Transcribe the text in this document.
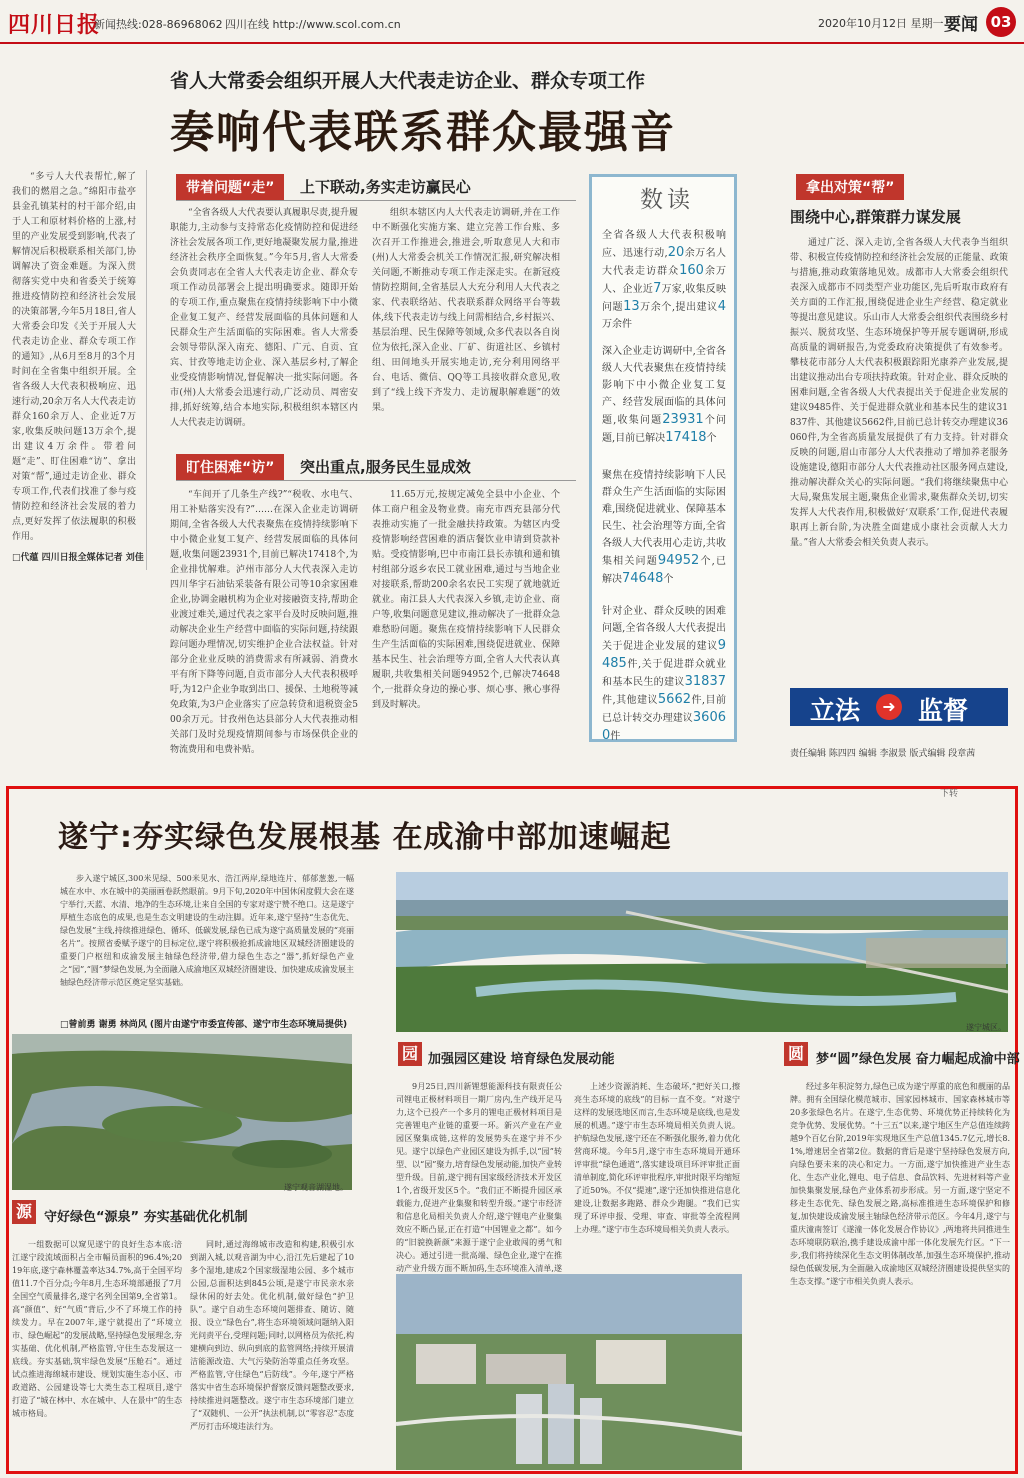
四川日报
新闻热线:028-86968062 四川在线 http://www.scol.com.cn	2020年10月12日 星期一 要闻 03
省人大常委会组织开展人大代表走访企业、群众专项工作
奏响代表联系群众最强音

“多亏人大代表帮忙,解了我们的燃眉之急。”绵阳市盐亭县金孔镇某村的村干部介绍,由于人工和原材料价格的上涨,村里的产业发展受到影响,代表了解情况后积极联系相关部门,协调解决了资金难题。为深入贯彻落实党中央和省委关于统筹推进疫情防控和经济社会发展的决策部署,今年5月18日,省人大常委会印发《关于开展人大代表走访企业、群众专项工作的通知》,从6月至8月的3个月时间在全省集中组织开展。全省各级人大代表积极响应、迅速行动,20余万名人大代表走访群众160余万人、企业近7万家,收集反映问题13万余个,提出建议4万余件。带着问题“走”、盯住困难“访”、拿出对策“帮”,通过走访企业、群众专项工作,代表们找准了参与疫情防控和经济社会发展的着力点,更好发挥了依法履职的积极作用。

□代蕴 四川日报全媒体记者 刘佳
带着问题“走”	上下联动,务实走访赢民心

“全省各级人大代表要认真履职尽责,提升履职能力,主动参与支持常态化疫情防控和促进经济社会发展各项工作,更好地凝聚发展力量,推进经济社会秩序全面恢复。”今年5月,省人大常委会负责同志在全省人大代表走访企业、群众专项工作动员部署会上提出明确要求。随即开始的专项工作,重点聚焦在疫情持续影响下中小微企业复工复产、经营发展面临的具体问题和人民群众生产生活面临的实际困难。省人大常委会领导带队深入南充、德阳、广元、自贡、宜宾、甘孜等地走访企业、深入基层乡村,了解企业受疫情影响情况,督促解决一批实际问题。各市(州)人大常委会迅速行动,广泛动员、周密安排,抓好统筹,结合本地实际,积极组织本辖区内人大代表走访调研。

组织本辖区内人大代表走访调研,并在工作中不断强化实施方案、建立完善工作台账、多次召开工作推进会,推进会,听取意见人大和市(州)人大常委会机关工作情况汇报,研究解决相关问题,不断推动专项工作走深走实。在新冠疫情防控期间,全省基层人大充分利用人大代表之家、代表联络站、代表联系群众网络平台等载体,线下代表走访与线上问需相结合,乡村振兴、基层治理、民生保障等领域,众多代表以各自岗位为依托,深入企业、厂矿、街道社区、乡镇村组、田间地头开展实地走访,充分利用网络平台、电话、微信、QQ等工具接收群众意见,收到了“线上线下齐发力、走访履职解难题”的效果。

盯住困难“访”	突出重点,服务民生显成效

“车间开了几条生产线?”“税收、水电气、用工补贴落实没有?”……在深入企业走访调研期间,全省各级人大代表聚焦在疫情持续影响下中小微企业复工复产、经营发展面临的具体问题,收集问题23931个,目前已解决17418个,为企业排忧解难。泸州市部分人大代表深入走访四川华宇石油钻采装备有限公司等10余家困难企业,协调金融机构为企业对接融资支持,帮助企业渡过难关,通过代表之家平台及时反映问题,推动解决企业生产经营中面临的实际问题,持续跟踪问题办理情况,切实维护企业合法权益。针对部分企业业反映的消费需求有所减弱、消费水平有所下降等问题,自贡市部分人大代表积极呼吁,为12户企业争取到出口、援保、土地税等减免政策,为3户企业落实了应急转贷和退税资金500余万元。甘孜州色达县部分人大代表推动相关部门及时兑现疫情期间参与市场保供企业的物流费用和电费补贴。

11.65万元,按规定减免全县中小企业、个体工商户租金及物业费。南充市西充县部分代表推动实施了一批金融扶持政策。为辖区内受疫情影响经营困难的酒店餐饮业申请到贷款补贴。受疫情影响,巴中市南江县长赤镇和通和镇村组部分返乡农民工就业困难,通过与当地企业对接联系,帮助200余名农民工实现了就地就近就业。南江县人大代表深入乡镇,走访企业、商户等,收集问题意见建议,推动解决了一批群众急难愁盼问题。聚焦在疫情持续影响下人民群众生产生活面临的实际困难,围绕促进就业、保障基本民生、社会治理等方面,全省人大代表认真履职,共收集相关问题94952个,已解决74648个,一批群众身边的操心事、烦心事、揪心事得到及时解决。

数读
全省各级人大代表积极响应、迅速行动,20余万名人大代表走访群众160余万人、企业近7万家,收集反映问题13万余个,提出建议4万余件
深入企业走访调研中,全省各级人大代表聚焦在疫情持续影响下中小微企业复工复产、经营发展面临的具体问题,收集问题23931个问题,目前已解决17418个
聚焦在疫情持续影响下人民群众生产生活面临的实际困难,围绕促进就业、保障基本民生、社会治理等方面,全省各级人大代表用心走访,共收集相关问题94952个,已解决74648个
针对企业、群众反映的困难问题,全省各级人大代表提出关于促进企业发展的建议9485件,关于促进群众就业和基本民生的建议31837件,其他建议5662件,目前已总计转交办理建议36060件
拿出对策“帮”
围绕中心,群策群力谋发展

通过广泛、深入走访,全省各级人大代表争当组织带、积极宣传疫情防控和经济社会发展的正能量、政策与措施,推动政策落地见效。成都市人大常委会组织代表深入成都市不同类型产业功能区,先后听取市政府有关方面的工作汇报,围绕促进企业生产经营、稳定就业等提出意见建议。乐山市人大常委会组织代表围绕乡村振兴、脱贫攻坚、生态环境保护等开展专题调研,形成高质量的调研报告,为党委政府决策提供了有效参考。攀枝花市部分人大代表积极跟踪阳光康养产业发展,提出建议推动出台专项扶持政策。针对企业、群众反映的困难问题,全省各级人大代表提出关于促进企业发展的建议9485件、关于促进群众就业和基本民生的建议31837件、其他建议5662件,目前已总计转交办理建议36060件,为全省高质量发展提供了有力支持。针对群众反映的问题,眉山市部分人大代表推动了增加养老服务设施建设,德阳市部分人大代表推动社区服务网点建设,推动解决群众关心的实际问题。“我们将继续聚焦中心大局,聚焦发展主题,聚焦企业需求,聚焦群众关切,切实发挥人大代表作用,积极做好‘双联系’工作,促进代表履职再上新台阶,为决胜全面建成小康社会贡献人大力量。”省人大常委会相关负责人表示。

立法	➜ 监督
责任编辑 陈四四 编辑 李淑景 版式编辑 段章茜
下转
遂宁:夯实绿色发展根基 在成渝中部加速崛起

步入遂宁城区,300米见绿、500米见水、浩江两岸,绿地连片、郁郁葱葱,一幅城在水中、水在城中的美丽画卷跃然眼前。9月下旬,2020年中国休闲度假大会在遂宁举行,天蓝、水清、地净的生态环境,让来自全国的专家对遂宁赞不绝口。这是遂宁厚植生态底色的成果,也是生态文明建设的生动注脚。近年来,遂宁坚持“生态优先、绿色发展”主线,持续推进绿色、循环、低碳发展,绿色已成为遂宁高质量发展的“亮丽名片”。按照省委赋予遂宁的目标定位,遂宁将积极抢抓成渝地区双城经济圈建设的重要门户枢纽和成渝发展主轴绿色经济带,借力绿色生态之“器”,抓好绿色产业之“园”,“圆”梦绿色发展,为全面融入成渝地区双城经济圈建设、加快建成成渝发展主轴绿色经济带示范区奠定坚实基础。

□曾前勇 谢勇 林尚风 (图片由遂宁市委宣传部、遂宁市生态环境局提供)	遂宁城区。
遂宁观音湖湿地。
源 守好绿色“源泉” 夯实基础优化机制

一组数据可以窥见遂宁的良好生态本底:涪江遂宁段流域面积占全市幅员面积的96.4%;2019年底,遂宁森林覆盖率达34.7%,高于全国平均值11.7个百分点;今年8月,生态环境部通报了7月全国空气质量排名,遂宁名列全国第9,全省第1。高“颜值”、好“气质”背后,少不了环境工作的持续发力。早在2007年,遂宁就提出了“环境立市、绿色崛起”的发展战略,坚持绿色发展理念,夯实基础、优化机制,严格监管,守住生态发展这一底线。夯实基础,筑牢绿色发展“压舱石”。通过试点推进海绵城市建设、规划实施生态小区、市政道路、公园建设等七大类生态工程项目,遂宁打造了“城在林中、水在城中、人在景中”的生态城市格局。

同时,通过海绵城市改造和构建,积极引水到湖入城,以观音湖为中心,沿江先后建起了10多个湿地,建成2个国家级湿地公园、多个城市公园,总面积达到845公顷,是遂宁市民亲水亲绿休闲的好去处。优化机制,做好绿色“护卫队”。遂宁自动生态环境问题排查、随访、随报、设立“绿色台”,将生态环境领域问题纳入阳光问责平台,受理问题;同时,以网格员为依托,构建横向到边、纵向到底的监管网络;持续开展清洁能源改造、大气污染防治等重点任务攻坚。严格监管,守住绿色“后防线”。今年,遂宁严格落实中省生态环境保护督察反馈问题整改要求,持续推进问题整改。遂宁市生态环境部门建立了“双随机、一公开”执法机制,以“零容忍”态度严厉打击环境违法行为。

园 加强园区建设 培育绿色发展动能

9月25日,四川新锂想能源科技有限责任公司锂电正极材料项目一期厂房内,生产线开足马力,这个已投产一个多月的锂电正极材料项目是完善锂电产业链的重要一环。新兴产业在产业园区聚集成链,这样的发展势头在遂宁并不少见。遂宁以绿色产业园区建设为抓手,以“园”转型、以“园”聚力,培育绿色发展动能,加快产业转型升级。目前,遂宁拥有国家级经济技术开发区1个,省级开发区5个。“我们正不断提升园区承载能力,促进产业集聚和转型升级。”遂宁市经济和信息化局相关负责人介绍,遂宁锂电产业聚集效应不断凸显,正在打造“中国锂业之都”。如今的“旧貌换新颜”来源于遂宁企业敢闯的勇气和决心。通过引进一批高端、绿色企业,遂宁在推动产业升级方面不断加码,生态环境准入清单,遂

上述少资源消耗、生态破坏,“把好关口,擦亮生态环境的底线”的目标一直不变。“对遂宁这样的发展选地区而言,生态环境是底线,也是发展的机遇。”遂宁市生态环境局相关负责人说。护航绿色发展,遂宁还在不断强化服务,着力优化营商环境。今年5月,遂宁市生态环境局开通环评审批“绿色通道”,落实建设项目环评审批正面清单制度,简化环评审批程序,审批时限平均缩短了近50%。不仅“提速”,遂宁还加快推进信息化建设,让数据多跑路、群众少跑腿。“我们已实现了环评申报、受理、审查、审批等全流程网上办理。”遂宁市生态环境局相关负责人表示。

圆 梦“圆”绿色发展 奋力崛起成渝中部

经过多年积淀努力,绿色已成为遂宁厚重的底色和靓丽的品牌。拥有全国绿化模范城市、国家园林城市、国家森林城市等20多张绿色名片。在遂宁,生态优势、环境优势正持续转化为竞争优势、发展优势。“十三五”以来,遂宁地区生产总值连续跨越9个百亿台阶,2019年实现地区生产总值1345.7亿元,增长8.1%,增速居全省第2位。数据的背后是遂宁坚持绿色发展方向,向绿色要未来的决心和定力。一方面,遂宁加快推进产业生态化、生态产业化,锂电、电子信息、食品饮料、先进材料等产业加快集聚发展,绿色产业体系初步形成。另一方面,遂宁坚定不移走生态优先、绿色发展之路,高标准推进生态环境保护和修复,加快建设成渝发展主轴绿色经济带示范区。今年4月,遂宁与重庆潼南签订《遂潼一体化发展合作协议》,两地将共同推进生态环境联防联治,携手建设成渝中部一体化发展先行区。“下一步,我们将持续深化生态文明体制改革,加强生态环境保护,推动绿色低碳发展,为全面融入成渝地区双城经济圈建设提供坚实的生态支撑。”遂宁市相关负责人表示。
